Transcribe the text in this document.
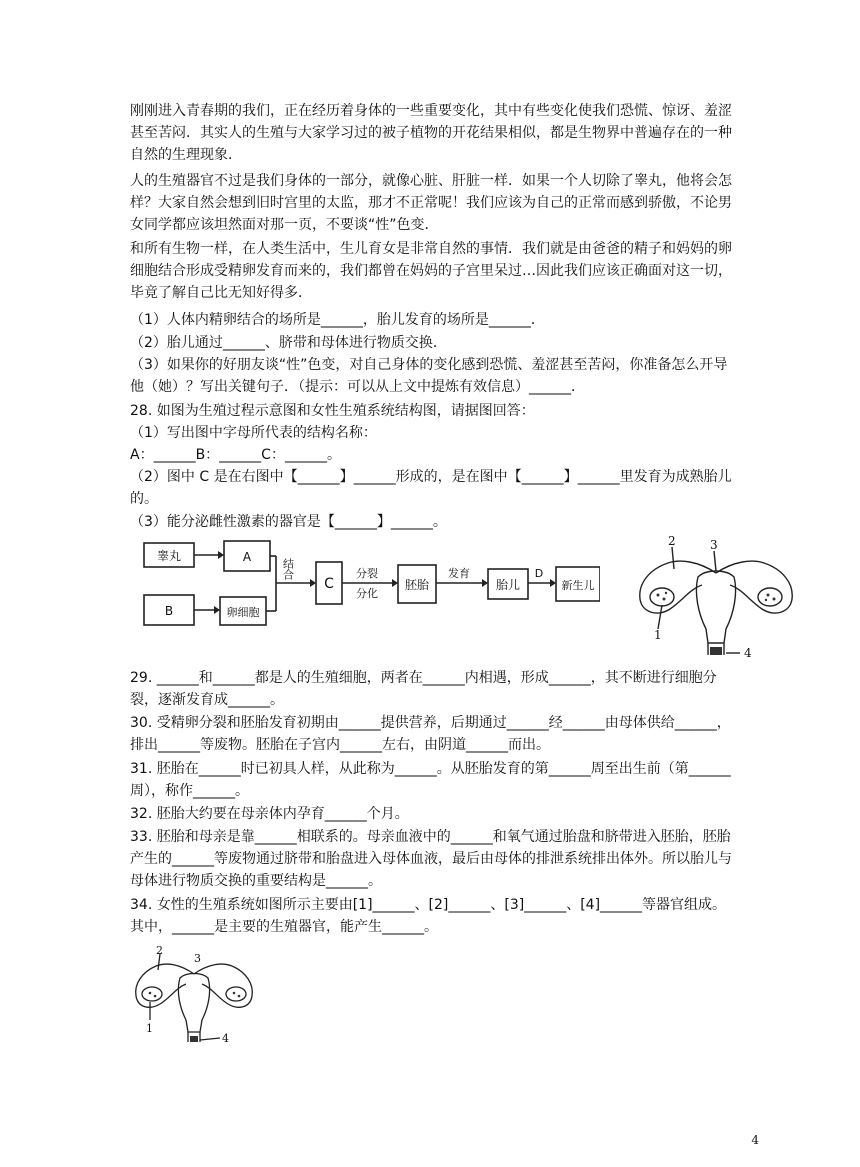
刚刚进入青春期的我们，正在经历着身体的一些重要变化，其中有些变化使我们恐慌、惊讶、羞涩甚至苦闷．其实人的生殖与大家学习过的被子植物的开花结果相似，都是生物界中普遍存在的一种自然的生理现象．
人的生殖器官不过是我们身体的一部分，就像心脏、肝脏一样．如果一个人切除了睾丸，他将会怎样？大家自然会想到旧时宫里的太监，那才不正常呢！我们应该为自己的正常而感到骄傲，不论男女同学都应该坦然面对那一页，不要谈“性”色变．
和所有生物一样，在人类生活中，生儿育女是非常自然的事情．我们就是由爸爸的精子和妈妈的卵细胞结合形成受精卵发育而来的，我们都曾在妈妈的子宫里呆过…因此我们应该正确面对这一切，毕竟了解自己比无知好得多．
（1）人体内精卵结合的场所是______，胎儿发育的场所是______．
（2）胎儿通过______、脐带和母体进行物质交换．
（3）如果你的好朋友谈“性”色变，对自己身体的变化感到恐慌、羞涩甚至苦闷，你准备怎么开导他（她）？写出关键句子．（提示：可以从上文中提炼有效信息）______．
28. 如图为生殖过程示意图和女性生殖系统结构图，请据图回答：
（1）写出图中字母所代表的结构名称：
A：______B：______C：______。
（2）图中 C 是在右图中【______】______形成的，是在图中【______】______里发育为成熟胎儿的。
（3）能分泌雌性激素的器官是【______】______。
睾丸	A
B	卵细胞
C	胚胎	胎儿	新生儿
分裂
分化
发育	D
结合
1
2	3
4
29. ______和______都是人的生殖细胞，两者在______内相遇，形成______，其不断进行细胞分裂，逐渐发育成______。
30. 受精卵分裂和胚胎发育初期由______提供营养，后期通过______经______由母体供给______，排出______等废物。胚胎在子宫内______左右，由阴道______而出。
31. 胚胎在______时已初具人样，从此称为______。从胚胎发育的第______周至出生前（第______周），称作______。
32. 胚胎大约要在母亲体内孕育______个月。
33. 胚胎和母亲是靠______相联系的。母亲血液中的______和氧气通过胎盘和脐带进入胚胎，胚胎产生的______等废物通过脐带和胎盘进入母体血液，最后由母体的排泄系统排出体外。所以胎儿与母体进行物质交换的重要结构是______。
34. 女性的生殖系统如图所示主要由[1]______、[2]______、[3]______、[4]______等器官组成。其中，______是主要的生殖器官，能产生______。
1
2
3
4
4
